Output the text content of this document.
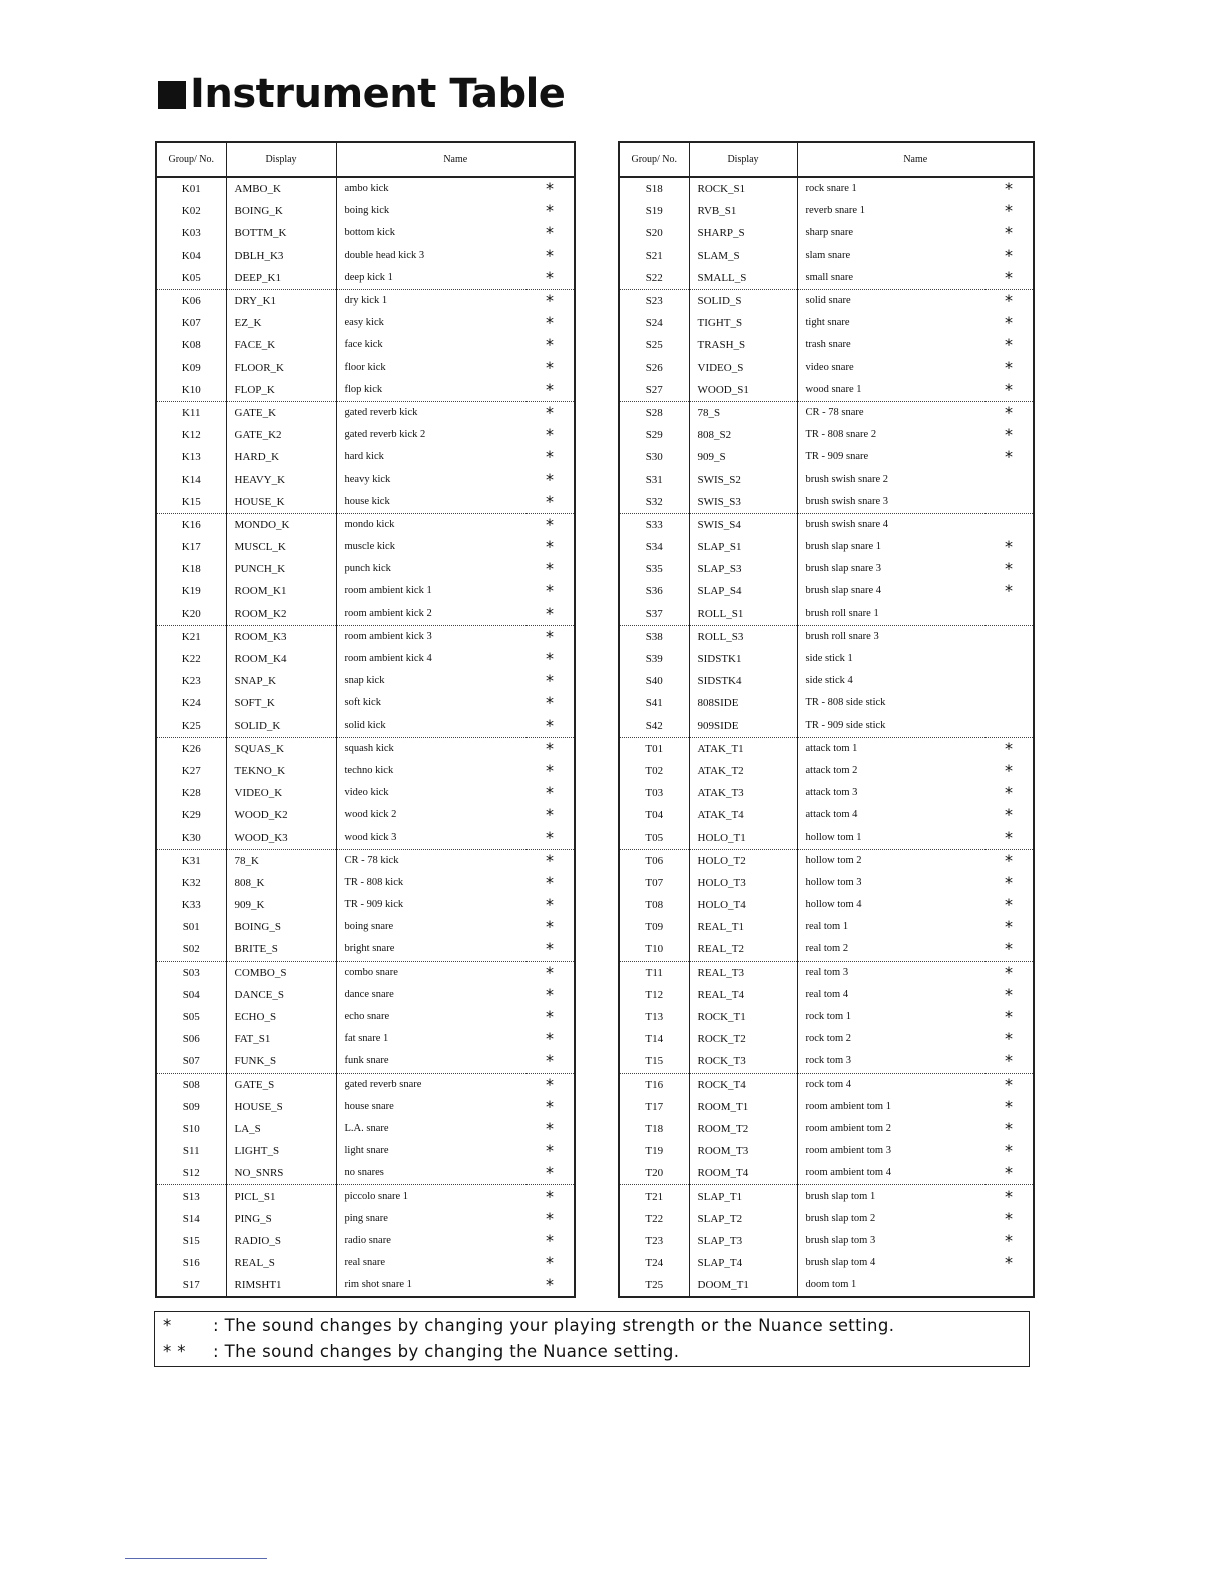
Instrument Table
Group/ No.	Display	Name	
K01	AMBO_K	ambo kick	*
K02	BOING_K	boing kick	*
K03	BOTTM_K	bottom kick	*
K04	DBLH_K3	double head kick 3	*
K05	DEEP_K1	deep kick 1	*
K06	DRY_K1	dry kick 1	*
K07	EZ_K	easy kick	*
K08	FACE_K	face kick	*
K09	FLOOR_K	floor kick	*
K10	FLOP_K	flop kick	*
K11	GATE_K	gated reverb kick	*
K12	GATE_K2	gated reverb kick 2	*
K13	HARD_K	hard kick	*
K14	HEAVY_K	heavy kick	*
K15	HOUSE_K	house kick	*
K16	MONDO_K	mondo kick	*
K17	MUSCL_K	muscle kick	*
K18	PUNCH_K	punch kick	*
K19	ROOM_K1	room ambient kick 1	*
K20	ROOM_K2	room ambient kick 2	*
K21	ROOM_K3	room ambient kick 3	*
K22	ROOM_K4	room ambient kick 4	*
K23	SNAP_K	snap kick	*
K24	SOFT_K	soft kick	*
K25	SOLID_K	solid kick	*
K26	SQUAS_K	squash kick	*
K27	TEKNO_K	techno kick	*
K28	VIDEO_K	video kick	*
K29	WOOD_K2	wood kick 2	*
K30	WOOD_K3	wood kick 3	*
K31	78_K	CR - 78 kick	*
K32	808_K	TR - 808 kick	*
K33	909_K	TR - 909 kick	*
S01	BOING_S	boing snare	*
S02	BRITE_S	bright snare	*
S03	COMBO_S	combo snare	*
S04	DANCE_S	dance snare	*
S05	ECHO_S	echo snare	*
S06	FAT_S1	fat snare 1	*
S07	FUNK_S	funk snare	*
S08	GATE_S	gated reverb snare	*
S09	HOUSE_S	house snare	*
S10	LA_S	L.A. snare	*
S11	LIGHT_S	light snare	*
S12	NO_SNRS	no snares	*
S13	PICL_S1	piccolo snare 1	*
S14	PING_S	ping snare	*
S15	RADIO_S	radio snare	*
S16	REAL_S	real snare	*
S17	RIMSHT1	rim shot snare 1	*
Group/ No.	Display	Name	
S18	ROCK_S1	rock snare 1	*
S19	RVB_S1	reverb snare 1	*
S20	SHARP_S	sharp snare	*
S21	SLAM_S	slam snare	*
S22	SMALL_S	small snare	*
S23	SOLID_S	solid snare	*
S24	TIGHT_S	tight snare	*
S25	TRASH_S	trash snare	*
S26	VIDEO_S	video snare	*
S27	WOOD_S1	wood snare 1	*
S28	78_S	CR - 78 snare	*
S29	808_S2	TR - 808 snare 2	*
S30	909_S	TR - 909 snare	*
S31	SWIS_S2	brush swish snare 2	
S32	SWIS_S3	brush swish snare 3	
S33	SWIS_S4	brush swish snare 4	
S34	SLAP_S1	brush slap snare 1	*
S35	SLAP_S3	brush slap snare 3	*
S36	SLAP_S4	brush slap snare 4	*
S37	ROLL_S1	brush roll snare 1	
S38	ROLL_S3	brush roll snare 3	
S39	SIDSTK1	side stick 1	
S40	SIDSTK4	side stick 4	
S41	808SIDE	TR - 808 side stick	
S42	909SIDE	TR - 909 side stick	
T01	ATAK_T1	attack tom 1	*
T02	ATAK_T2	attack tom 2	*
T03	ATAK_T3	attack tom 3	*
T04	ATAK_T4	attack tom 4	*
T05	HOLO_T1	hollow tom 1	*
T06	HOLO_T2	hollow tom 2	*
T07	HOLO_T3	hollow tom 3	*
T08	HOLO_T4	hollow tom 4	*
T09	REAL_T1	real tom 1	*
T10	REAL_T2	real tom 2	*
T11	REAL_T3	real tom 3	*
T12	REAL_T4	real tom 4	*
T13	ROCK_T1	rock tom 1	*
T14	ROCK_T2	rock tom 2	*
T15	ROCK_T3	rock tom 3	*
T16	ROCK_T4	rock tom 4	*
T17	ROOM_T1	room ambient tom 1	*
T18	ROOM_T2	room ambient tom 2	*
T19	ROOM_T3	room ambient tom 3	*
T20	ROOM_T4	room ambient tom 4	*
T21	SLAP_T1	brush slap tom 1	*
T22	SLAP_T2	brush slap tom 2	*
T23	SLAP_T3	brush slap tom 3	*
T24	SLAP_T4	brush slap tom 4	*
T25	DOOM_T1	doom tom 1	
*	: The sound changes by changing your playing strength or the Nuance setting.
* * : The sound changes by changing the Nuance setting.
